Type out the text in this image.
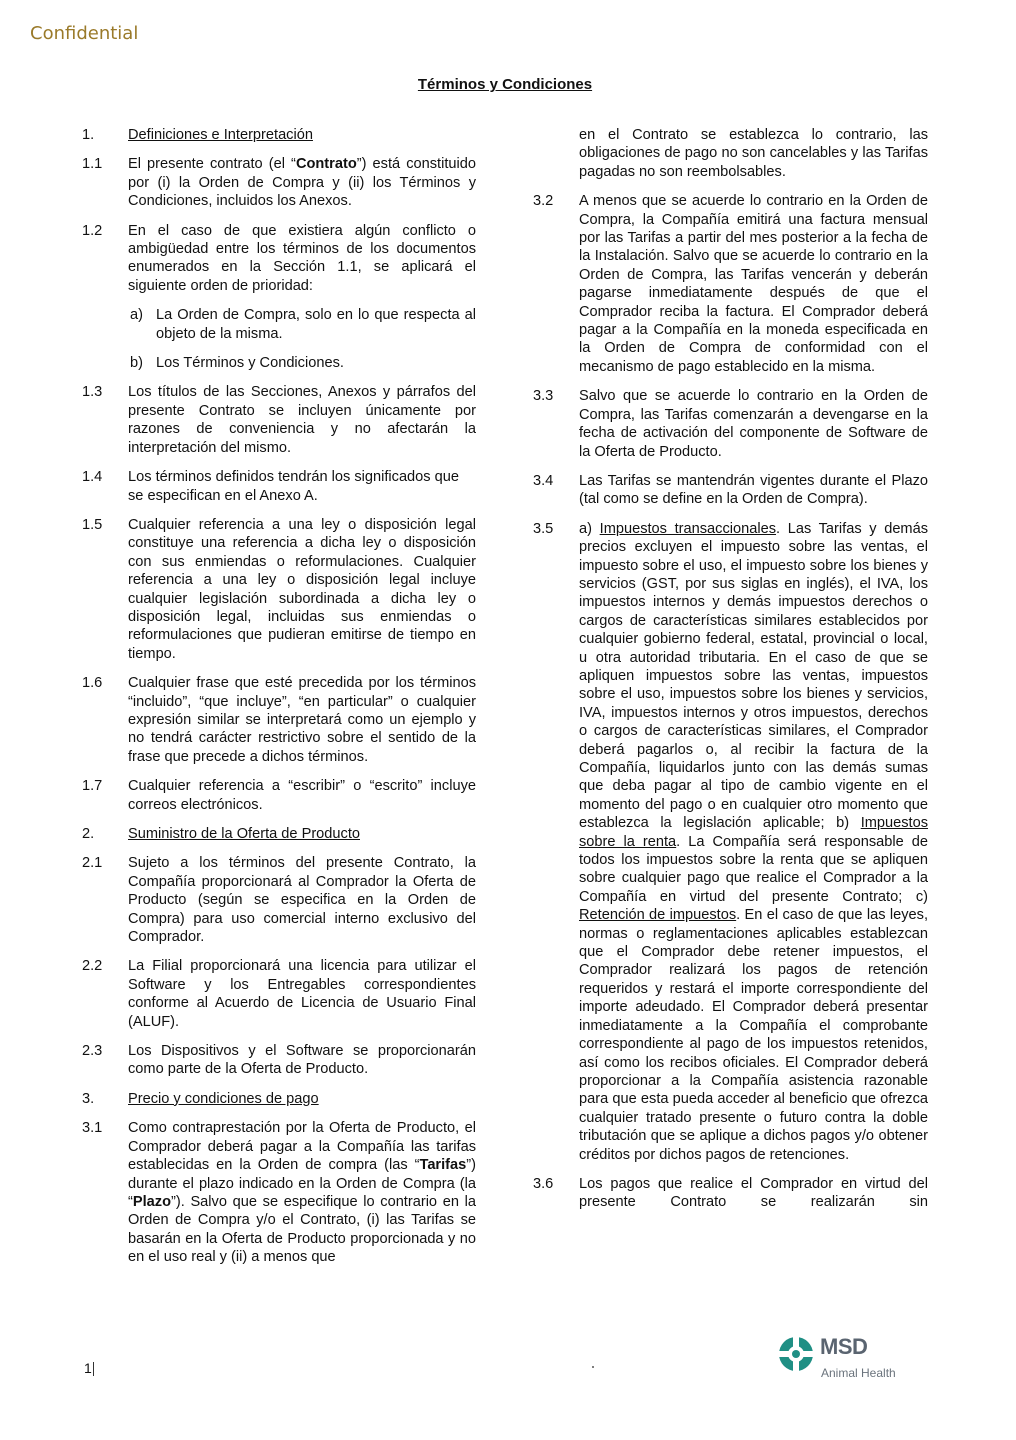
Confidential
Términos y Condiciones
1.	Definiciones e Interpretación
1.1	El presente contrato (el “Contrato”) está constituido por (i) la Orden de Compra y (ii) los Términos y Condiciones, incluidos los Anexos.
1.2	En el caso de que existiera algún conflicto o ambigüedad entre los términos de los documentos enumerados en la Sección 1.1, se aplicará el siguiente orden de prioridad:
a) La Orden de Compra, solo en lo que respecta al objeto de la misma.
b) Los Términos y Condiciones.
1.3	Los títulos de las Secciones, Anexos y párrafos del presente Contrato se incluyen únicamente por razones de conveniencia y no afectarán la interpretación del mismo.
1.4	Los términos definidos tendrán los significados que se especifican en el Anexo A.
1.5	Cualquier referencia a una ley o disposición legal constituye una referencia a dicha ley o disposición con sus enmiendas o reformulaciones. Cualquier referencia a una ley o disposición legal incluye cualquier legislación subordinada a dicha ley o disposición legal, incluidas sus enmiendas o reformulaciones que pudieran emitirse de tiempo en tiempo.
1.6	Cualquier frase que esté precedida por los términos “incluido”, “que incluye”, “en particular” o cualquier expresión similar se interpretará como un ejemplo y no tendrá carácter restrictivo sobre el sentido de la frase que precede a dichos términos.
1.7	Cualquier referencia a “escribir” o “escrito” incluye correos electrónicos.
2.	Suministro de la Oferta de Producto
2.1	Sujeto a los términos del presente Contrato, la Compañía proporcionará al Comprador la Oferta de Producto (según se especifica en la Orden de Compra) para uso comercial interno exclusivo del Comprador.
2.2	La Filial proporcionará una licencia para utilizar el Software y los Entregables correspondientes conforme al Acuerdo de Licencia de Usuario Final (ALUF).
2.3	Los Dispositivos y el Software se proporcionarán como parte de la Oferta de Producto.
3.	Precio y condiciones de pago
3.1	Como contraprestación por la Oferta de Producto, el Comprador deberá pagar a la Compañía las tarifas establecidas en la Orden de compra (las “Tarifas”) durante el plazo indicado en la Orden de Compra (la “Plazo”). Salvo que se especifique lo contrario en la Orden de Compra y/o el Contrato, (i) las Tarifas se basarán en la Oferta de Producto proporcionada y no en el uso real y (ii) a menos que
en el Contrato se establezca lo contrario, las obligaciones de pago no son cancelables y las Tarifas pagadas no son reembolsables.
3.2	A menos que se acuerde lo contrario en la Orden de Compra, la Compañía emitirá una factura mensual por las Tarifas a partir del mes posterior a la fecha de la Instalación. Salvo que se acuerde lo contrario en la Orden de Compra, las Tarifas vencerán y deberán pagarse inmediatamente después de que el Comprador reciba la factura. El Comprador deberá pagar a la Compañía en la moneda especificada en la Orden de Compra de conformidad con el mecanismo de pago establecido en la misma.
3.3	Salvo que se acuerde lo contrario en la Orden de Compra, las Tarifas comenzarán a devengarse en la fecha de activación del componente de Software de la Oferta de Producto.
3.4	Las Tarifas se mantendrán vigentes durante el Plazo (tal como se define en la Orden de Compra).
3.5	a) Impuestos transaccionales. Las Tarifas y demás precios excluyen el impuesto sobre las ventas, el impuesto sobre el uso, el impuesto sobre los bienes y servicios (GST, por sus siglas en inglés), el IVA, los impuestos internos y demás impuestos derechos o cargos de características similares establecidos por cualquier gobierno federal, estatal, provincial o local, u otra autoridad tributaria. En el caso de que se apliquen impuestos sobre las ventas, impuestos sobre el uso, impuestos sobre los bienes y servicios, IVA, impuestos internos y otros impuestos, derechos o cargos de características similares, el Comprador deberá pagarlos o, al recibir la factura de la Compañía, liquidarlos junto con las demás sumas que deba pagar al tipo de cambio vigente en el momento del pago o en cualquier otro momento que establezca la legislación aplicable; b) Impuestos sobre la renta. La Compañía será responsable de todos los impuestos sobre la renta que se apliquen sobre cualquier pago que realice el Comprador a la Compañía en virtud del presente Contrato; c) Retención de impuestos. En el caso de que las leyes, normas o reglamentaciones aplicables establezcan que el Comprador debe retener impuestos, el Comprador realizará los pagos de retención requeridos y restará el importe correspondiente del importe adeudado. El Comprador deberá presentar inmediatamente a la Compañía el comprobante correspondiente al pago de los impuestos retenidos, así como los recibos oficiales. El Comprador deberá proporcionar a la Compañía asistencia razonable para que esta pueda acceder al beneficio que ofrezca cualquier tratado presente o futuro contra la doble tributación que se aplique a dichos pagos y/o obtener créditos por dichos pagos de retenciones.
3.6	Los pagos que realice el Comprador en virtud del presente Contrato se realizarán sin
1
MSD
Animal Health
